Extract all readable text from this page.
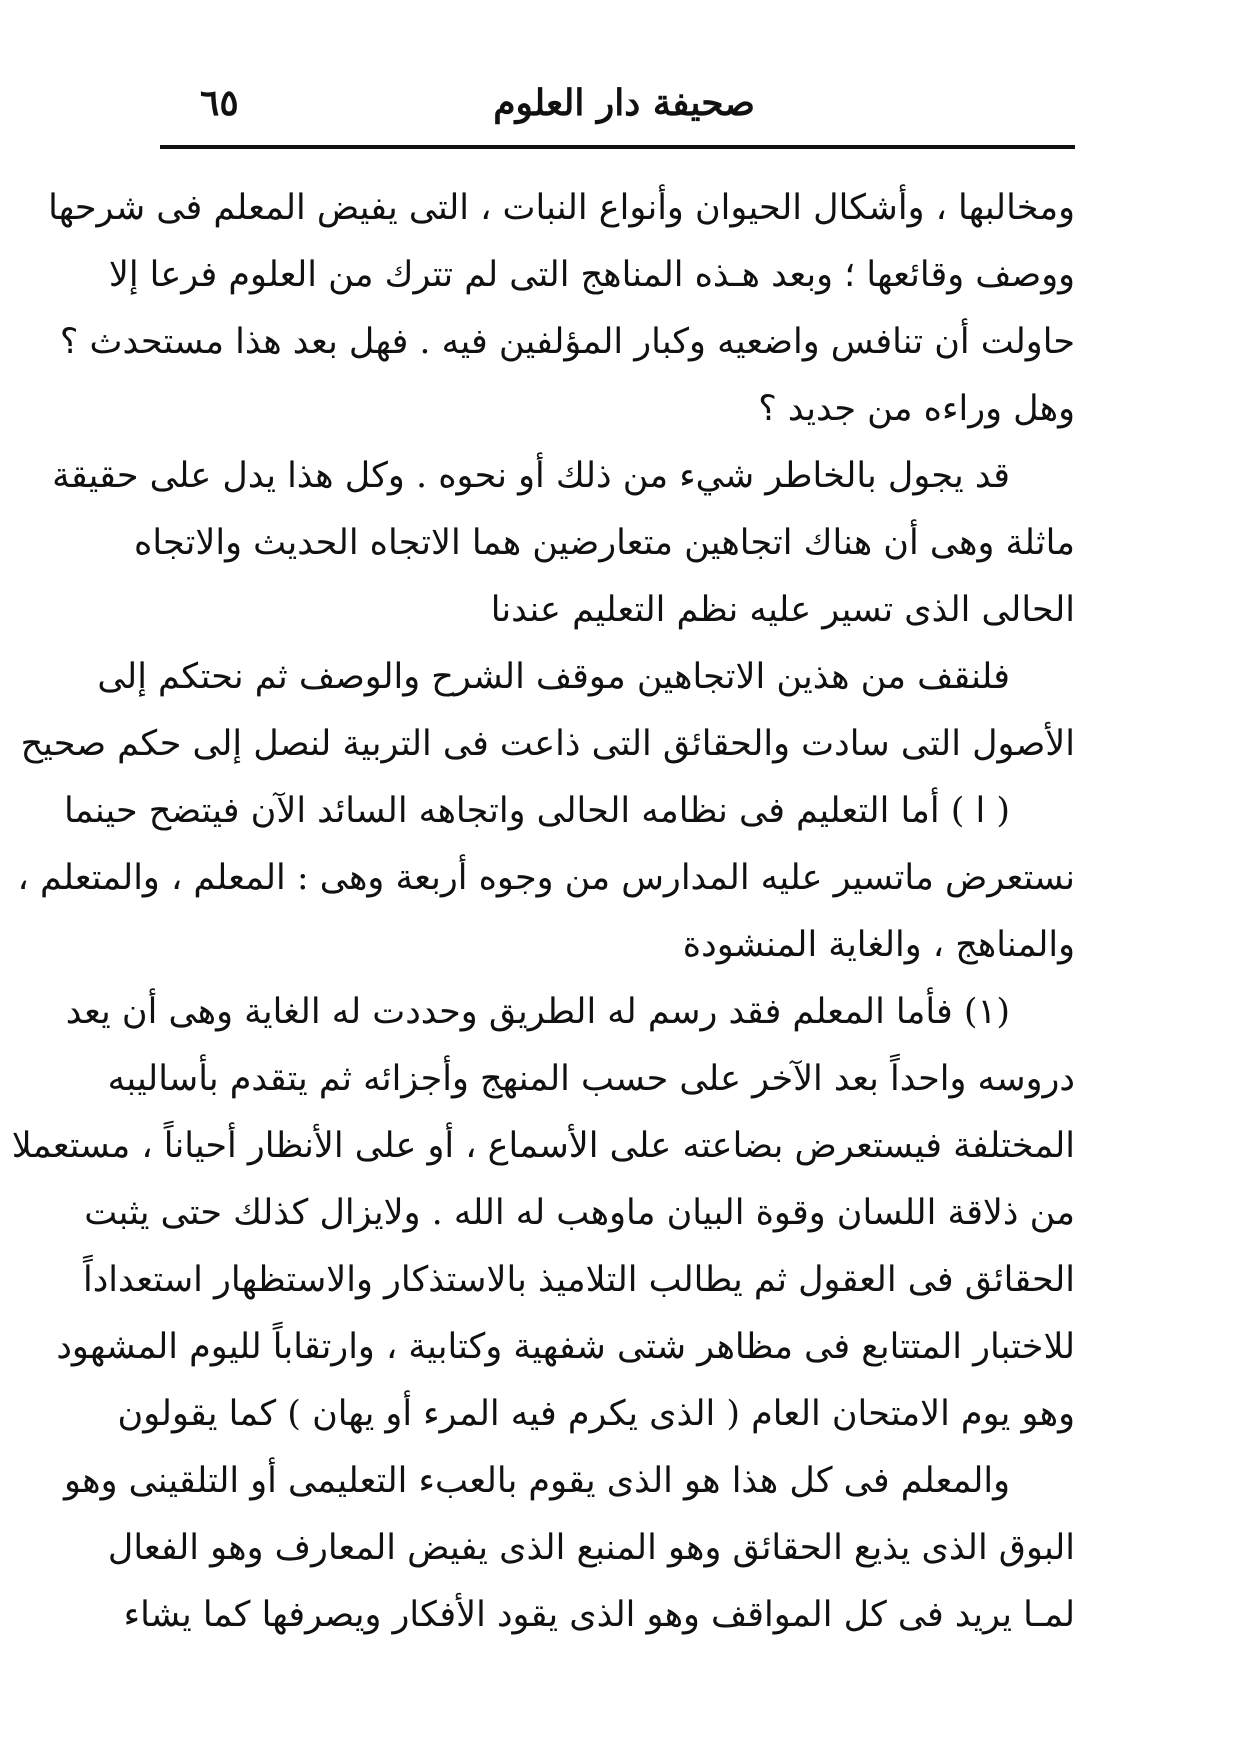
صحيفة دار العلوم
٦٥
ومخالبها ، وأشكال الحيوان وأنواع النبات ، التى يفيض المعلم فى شرحها
ووصف وقائعها ؛ وبعد هـذه المناهج التى لم تترك من العلوم فرعا إلا
حاولت أن تنافس واضعيه وكبار المؤلفين فيه . فهل بعد هذا مستحدث ؟
وهل وراءه من جديد ؟
قد يجول بالخاطر شيء من ذلك أو نحوه . وكل هذا يدل على حقيقة
ماثلة وهى أن هناك اتجاهين متعارضين هما الاتجاه الحديث والاتجاه
الحالى الذى تسير عليه نظم التعليم عندنا
فلنقف من هذين الاتجاهين موقف الشرح والوصف ثم نحتكم إلى
الأصول التى سادت والحقائق التى ذاعت فى التربية لنصل إلى حكم صحيح
( ا ) أما التعليم فى نظامه الحالى واتجاهه السائد الآن فيتضح حينما
نستعرض ماتسير عليه المدارس من وجوه أربعة وهى : المعلم ، والمتعلم ،
والمناهج ، والغاية المنشودة
(١) فأما المعلم فقد رسم له الطريق وحددت له الغاية وهى أن يعد
دروسه واحداً بعد الآخر على حسب المنهج وأجزائه ثم يتقدم بأساليبه
المختلفة فيستعرض بضاعته على الأسماع ، أو على الأنظار أحياناً ، مستعملا
من ذلاقة اللسان وقوة البيان ماوهب له الله . ولايزال كذلك حتى يثبت
الحقائق فى العقول ثم يطالب التلاميذ بالاستذكار والاستظهار استعداداً
للاختبار المتتابع فى مظاهر شتى شفهية وكتابية ، وارتقاباً لليوم المشهود
وهو يوم الامتحان العام ( الذى يكرم فيه المرء أو يهان ) كما يقولون
والمعلم فى كل هذا هو الذى يقوم بالعبء التعليمى أو التلقينى وهو
البوق الذى يذيع الحقائق وهو المنبع الذى يفيض المعارف وهو الفعال
لمـا يريد فى كل المواقف وهو الذى يقود الأفكار ويصرفها كما يشاء
